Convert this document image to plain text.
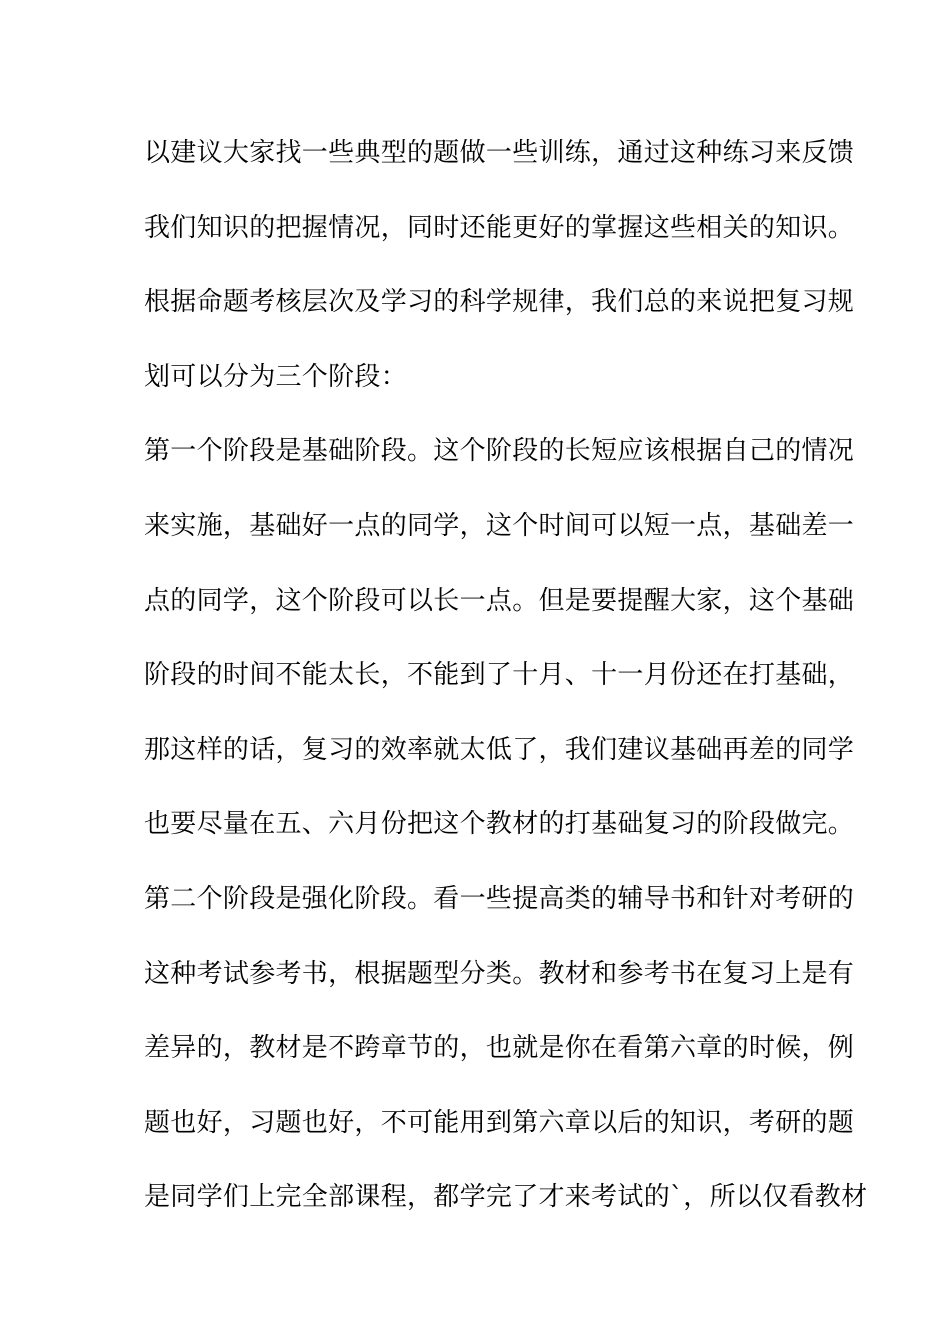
以建议大家找一些典型的题做一些训练，通过这种练习来反馈
我们知识的把握情况，同时还能更好的掌握这些相关的知识。
根据命题考核层次及学习的科学规律，我们总的来说把复习规
划可以分为三个阶段：
第一个阶段是基础阶段。这个阶段的长短应该根据自己的情况
来实施，基础好一点的同学，这个时间可以短一点，基础差一
点的同学，这个阶段可以长一点。但是要提醒大家，这个基础
阶段的时间不能太长，不能到了十月、十一月份还在打基础，
那这样的话，复习的效率就太低了，我们建议基础再差的同学
也要尽量在五、六月份把这个教材的打基础复习的阶段做完。
第二个阶段是强化阶段。看一些提高类的辅导书和针对考研的
这种考试参考书，根据题型分类。教材和参考书在复习上是有
差异的，教材是不跨章节的，也就是你在看第六章的时候，例
题也好，习题也好，不可能用到第六章以后的知识，考研的题
是同学们上完全部课程，都学完了才来考试的`，所以仅看教材
